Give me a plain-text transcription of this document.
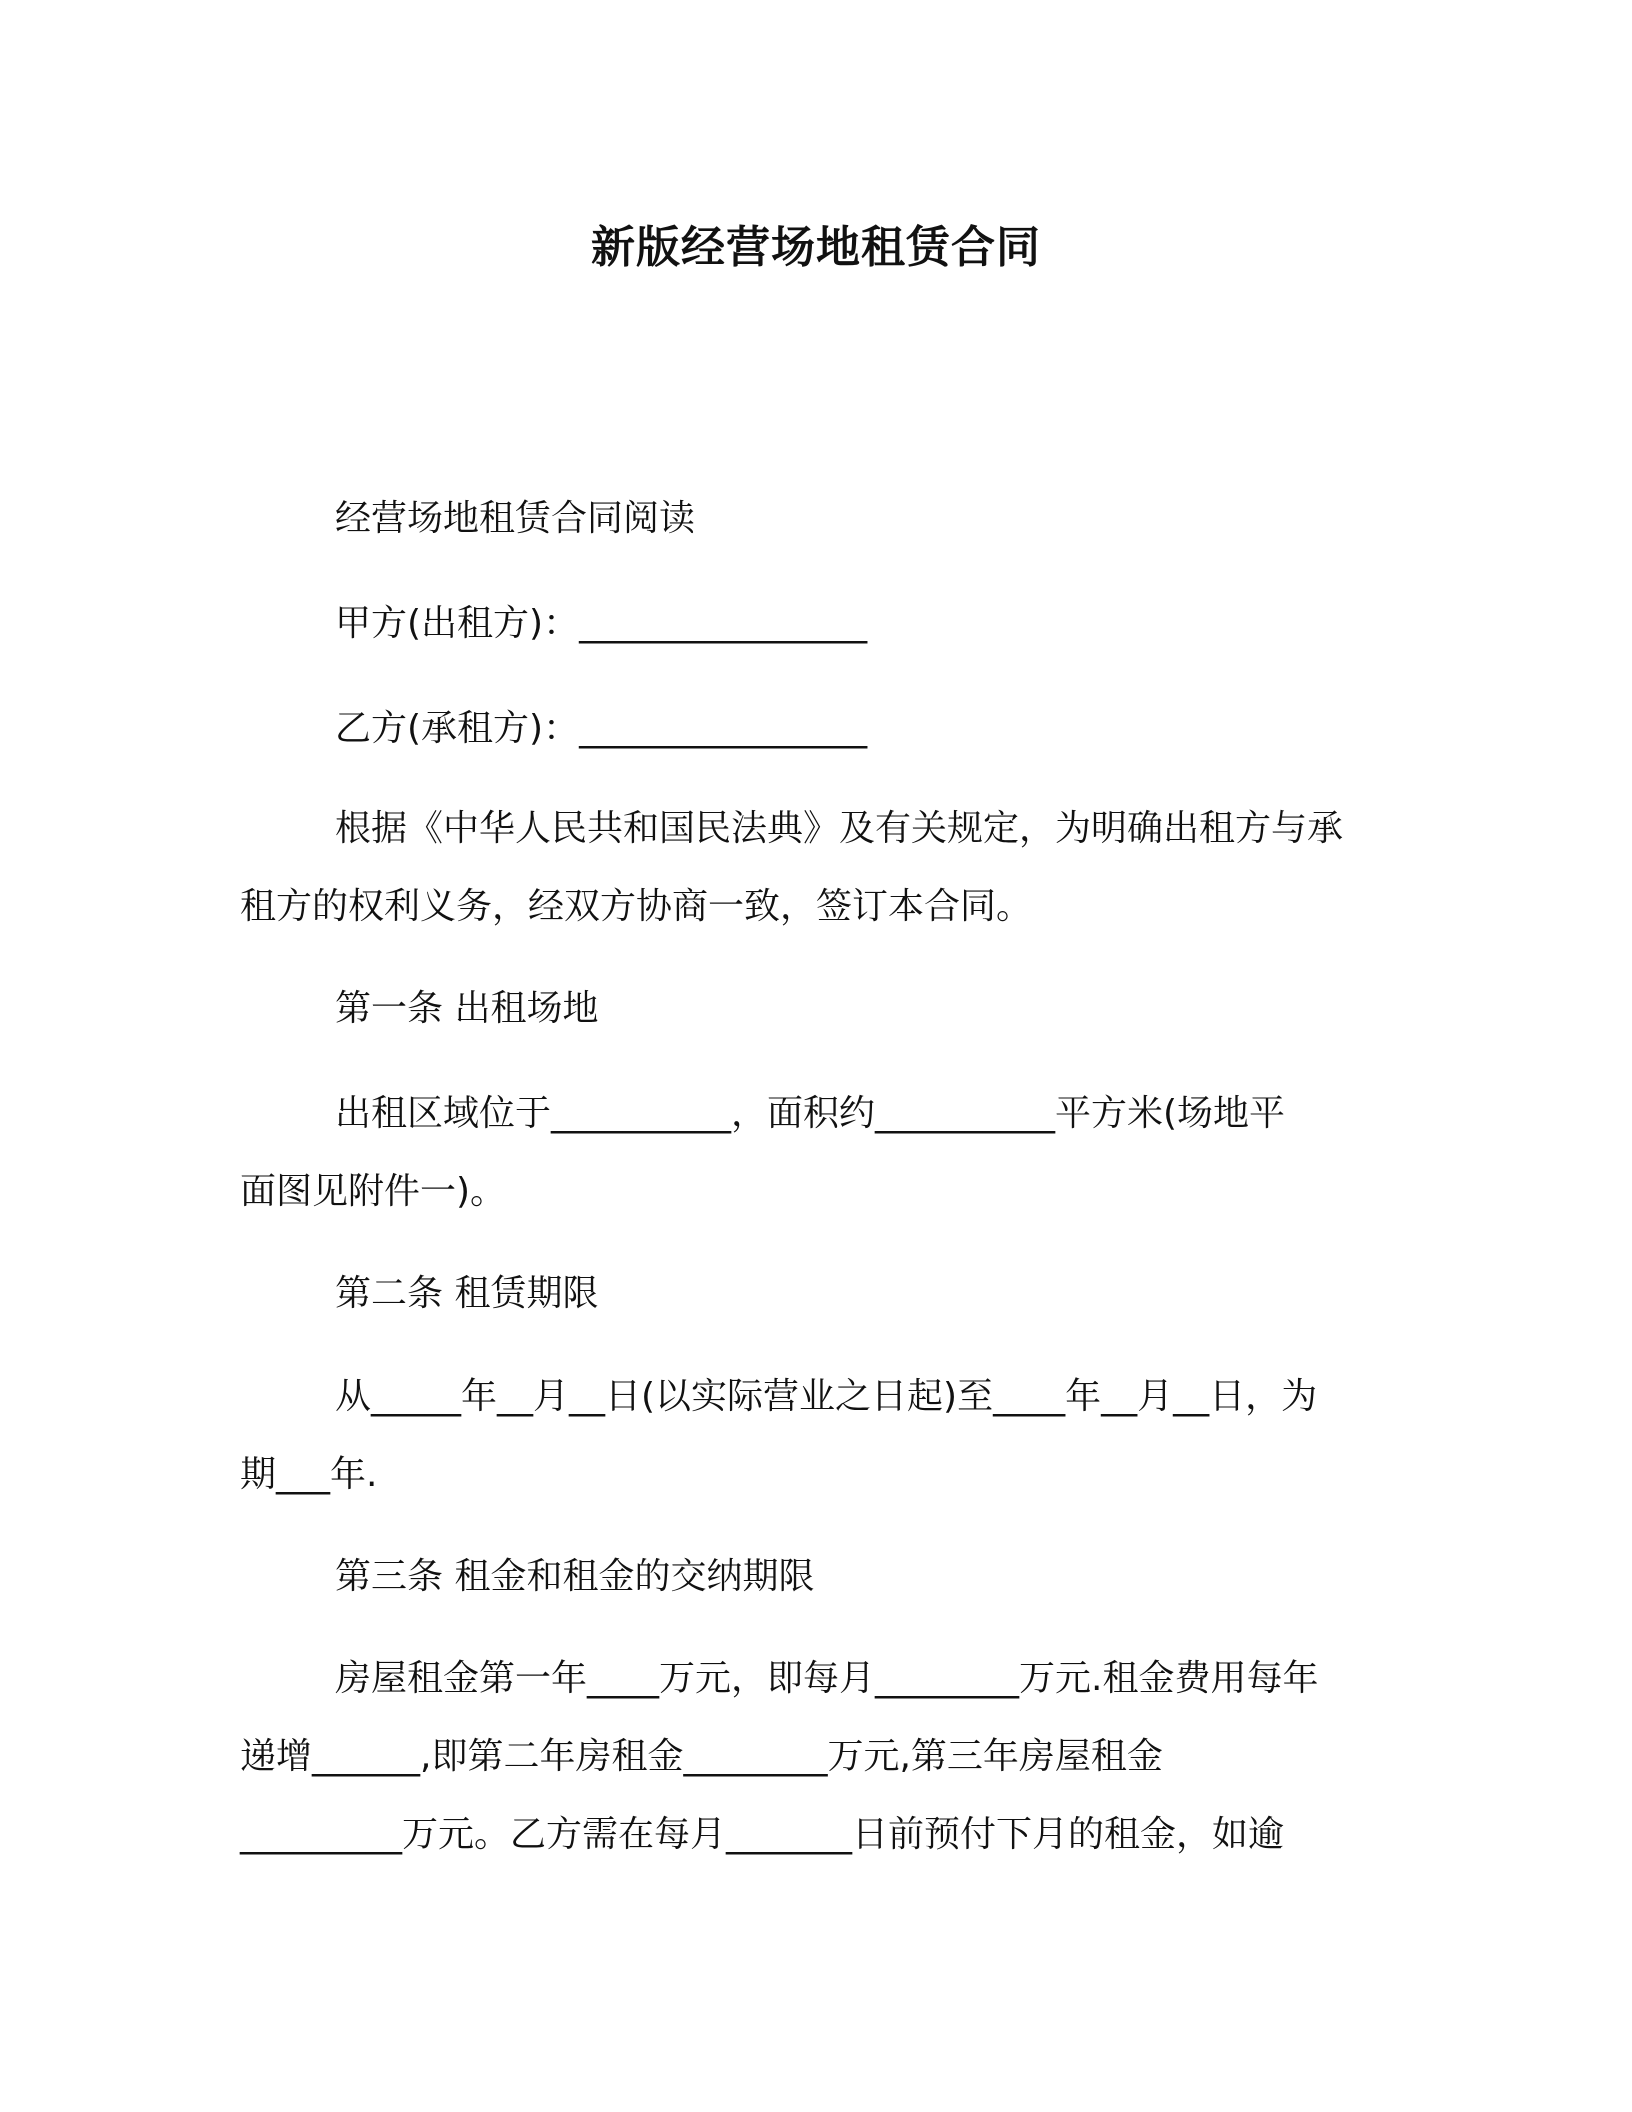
新版经营场地租赁合同
经营场地租赁合同阅读
甲方(出租方)：________________
乙方(承租方)：________________
根据《中华人民共和国民法典》及有关规定，为明确出租方与承
租方的权利义务，经双方协商一致，签订本合同。
第一条 出租场地
出租区域位于__________，面积约__________平方米(场地平
面图见附件一)。
第二条 租赁期限
从_____年__月__日(以实际营业之日起)至____年__月__日，为
期___年.
第三条 租金和租金的交纳期限
房屋租金第一年____万元，即每月________万元.租金费用每年
递增______,即第二年房租金________万元,第三年房屋租金
_________万元。乙方需在每月_______日前预付下月的租金，如逾
